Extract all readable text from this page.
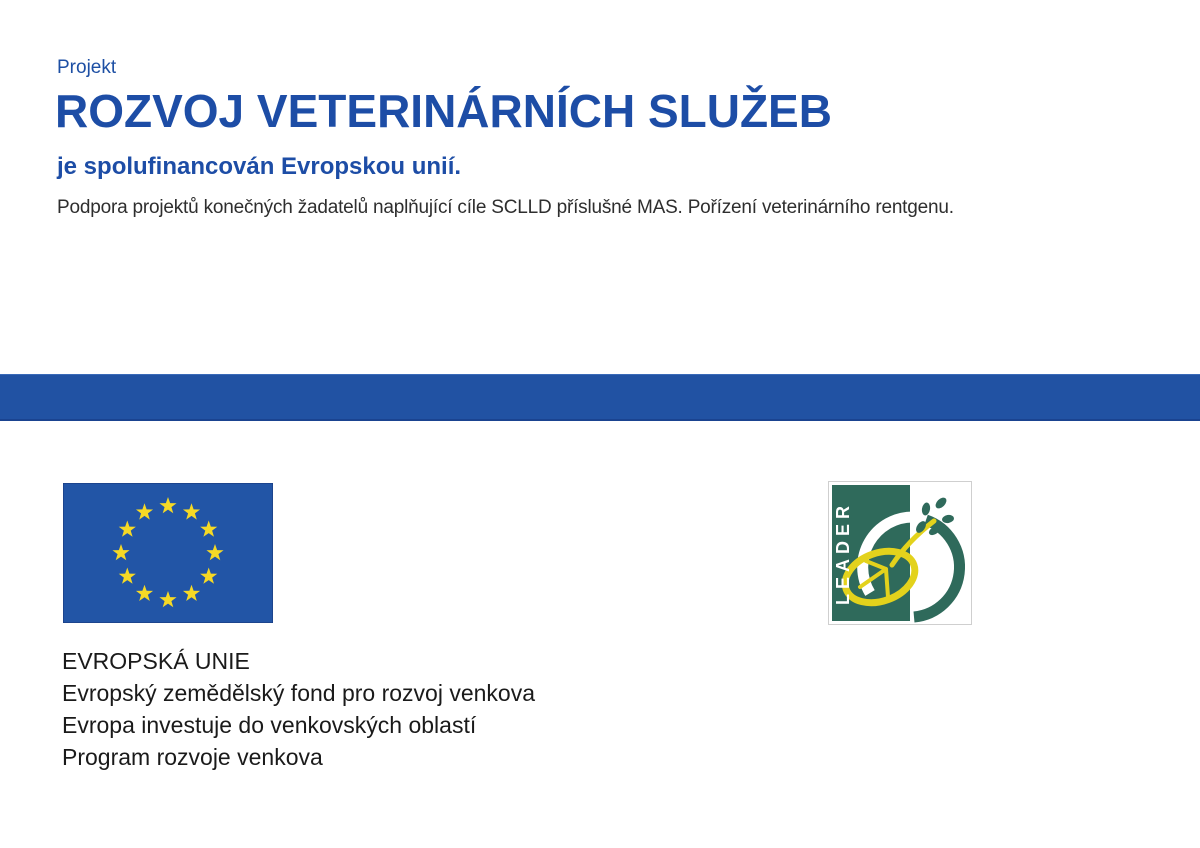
Projekt
ROZVOJ VETERINÁRNÍCH SLUŽEB
je spolufinancován Evropskou unií.
Podpora projektů konečných žadatelů naplňující cíle SCLLD příslušné MAS. Pořízení veterinárního rentgenu.
LEADER
EVROPSKÁ UNIE
Evropský zemědělský fond pro rozvoj venkova
Evropa investuje do venkovských oblastí
Program rozvoje venkova
